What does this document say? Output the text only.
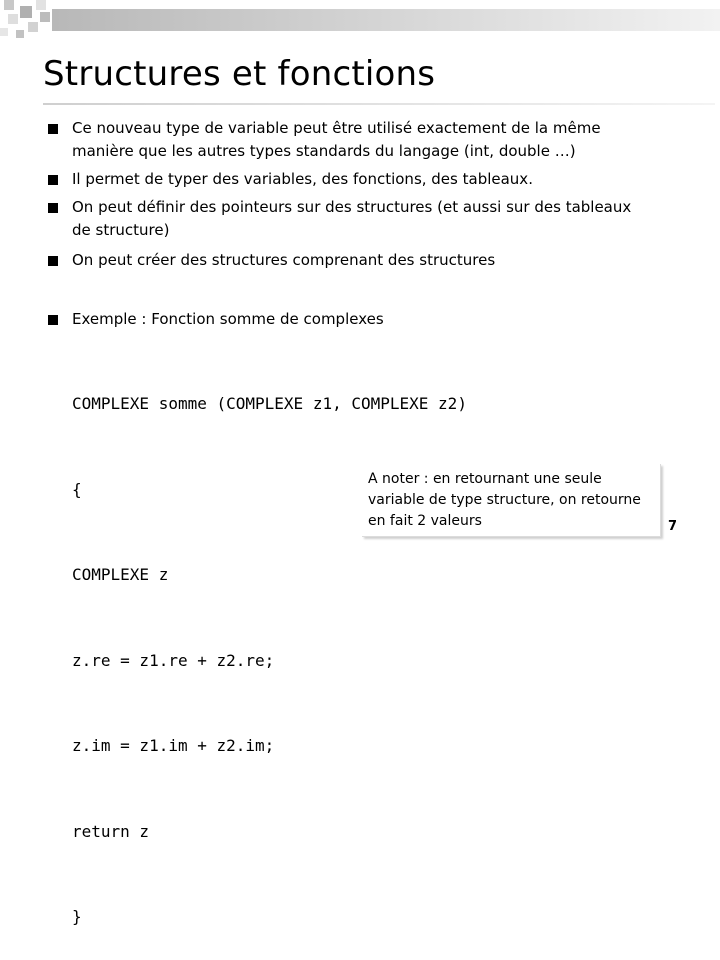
Structures et fonctions
Ce nouveau type de variable peut être utilisé exactement de la même
manière que les autres types standards du langage (int, double …)
Il permet de typer des variables, des fonctions, des tableaux.
On peut définir des pointeurs sur des structures (et aussi sur des tableaux
de structure)
On peut créer des structures comprenant des structures
Exemple : Fonction somme de complexes

COMPLEXE somme (COMPLEXE z1, COMPLEXE z2)

{

COMPLEXE z

z.re = z1.re + z2.re;

z.im = z1.im + z2.im;

return z

}

A noter : en retournant une seule variable de type structure, on retourne en fait 2 valeurs	7
